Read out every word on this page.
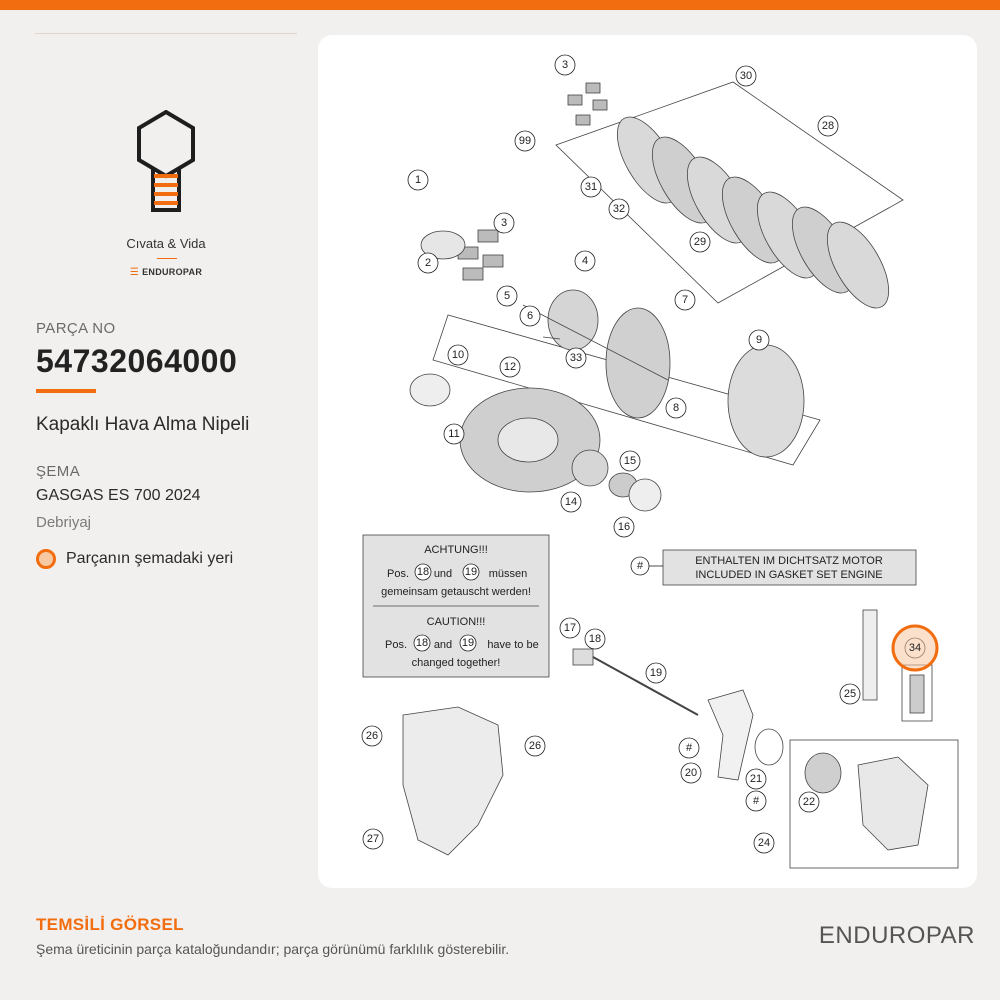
Cıvata & Vida
☰ ENDUROPAR
PARÇA NO
54732064000
Kapaklı Hava Alma Nipeli
ŞEMA
GASGAS ES 700 2024
Debriyaj
Parçanın şemadaki yeri
1
2
3
3
4
5
6
7
8
9
10
11
12
14
15
16
17
18
19
20	21
22
24
25
26
26
27
28
29
30
31
32
33
34
99
#
#
ACHTUNG!!!
Pos. 18 und 19 müssen
gemeinsam getauscht werden!
CAUTION!!!
Pos. 18 and 19 have to be
changed together!
#	ENTHALTEN IM DICHTSATZ MOTOR
INCLUDED IN GASKET SET ENGINE
TEMSİLİ GÖRSEL
Şema üreticinin parça kataloğundandır; parça görünümü farklılık gösterebilir.	ENDUROPAR
